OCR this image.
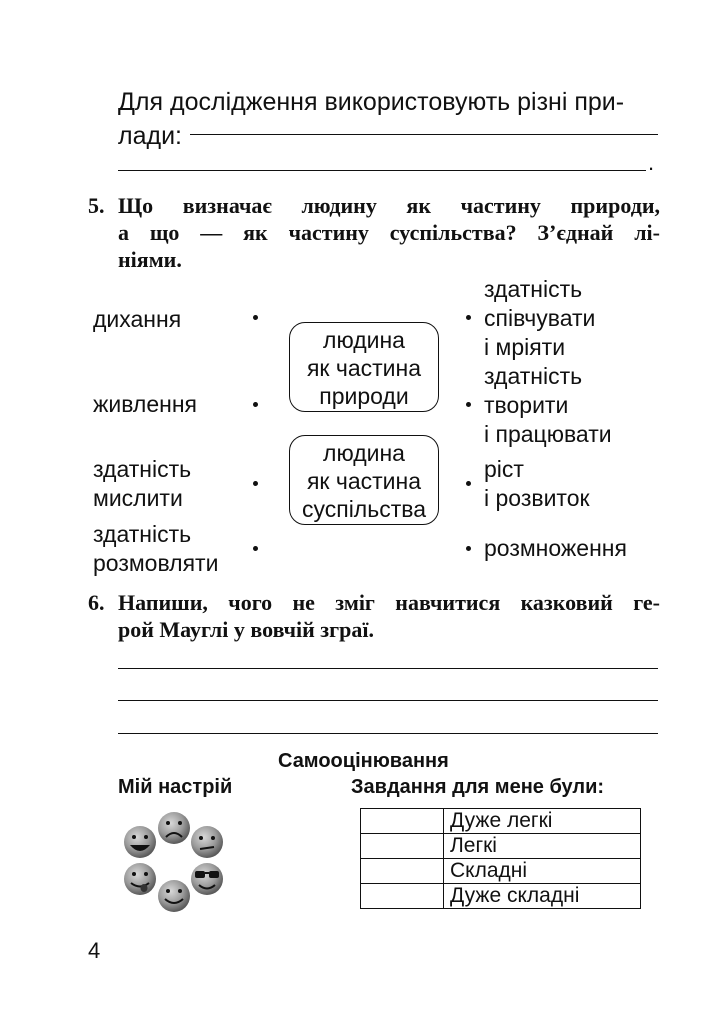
Для дослідження використовують різні при-
лади:
.
5. Що визначає людину як частину природи,
а що — як частину суспільства? З’єднай лі-
ніями.
дихання
живлення
здатність
мислити
здатність
розмовляти
людина
як частина
природи
людина
як частина
суспільства
здатність
співчувати
і мріяти
здатність
творити
і працювати
ріст
і розвиток
розмноження
6. Напиши, чого не зміг навчитися казковий ге-
рой Мауглі у вовчій зграї.
Самооцінювання
Мій настрій	Завдання для мене були:
	Дуже легкі
	Легкі
	Складні
	Дуже складні
4
